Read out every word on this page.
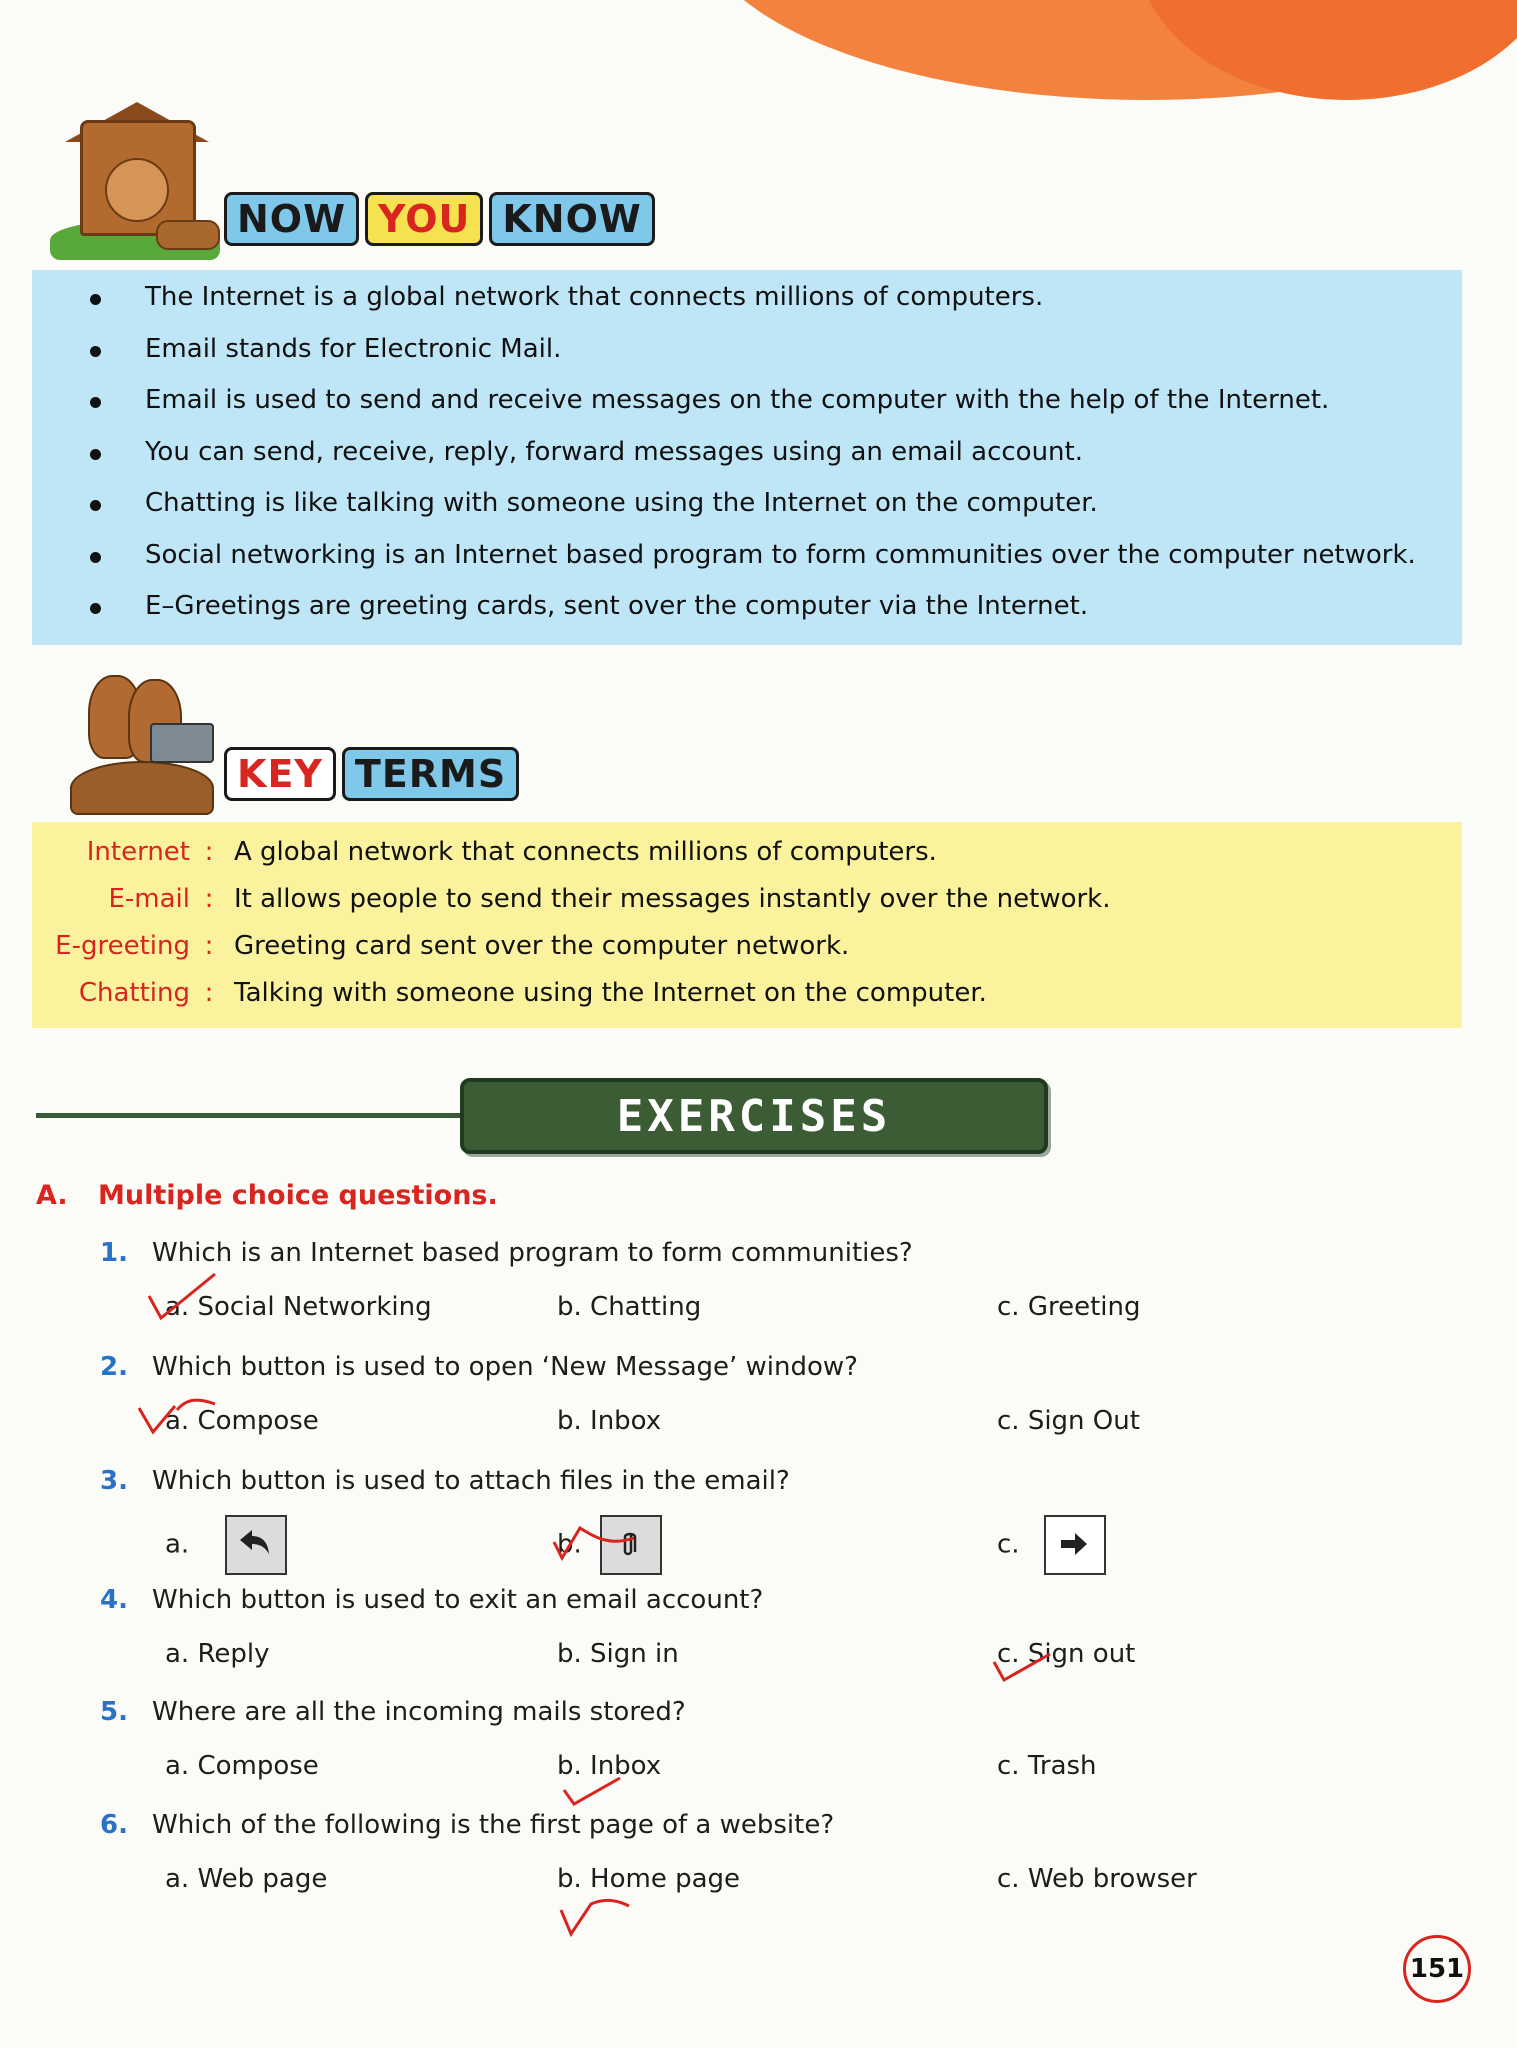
NOW YOU KNOW
The Internet is a global network that connects millions of computers.
Email stands for Electronic Mail.
Email is used to send and receive messages on the computer with the help of the Internet.
You can send, receive, reply, forward messages using an email account.
Chatting is like talking with someone using the Internet on the computer.
Social networking is an Internet based program to form communities over the computer network.
E–Greetings are greeting cards, sent over the computer via the Internet.
KEY TERMS
Internet	:	A global network that connects millions of computers.
E-mail	:	It allows people to send their messages instantly over the network.
E-greeting	:	Greeting card sent over the computer network.
Chatting	:	Talking with someone using the Internet on the computer.
EXERCISES
A.	Multiple choice questions.
1. Which is an Internet based program to form communities?
a. Social Networking	b. Chatting	c. Greeting
2. Which button is used to open ‘New Message’ window?
a. Compose	b. Inbox	c. Sign Out
3. Which button is used to attach files in the email?
a.	b.	c.
4. Which button is used to exit an email account?
a. Reply	b. Sign in	c. Sign out
5. Where are all the incoming mails stored?
a. Compose	b. Inbox	c. Trash
6. Which of the following is the first page of a website?
a. Web page	b. Home page	c. Web browser
151
